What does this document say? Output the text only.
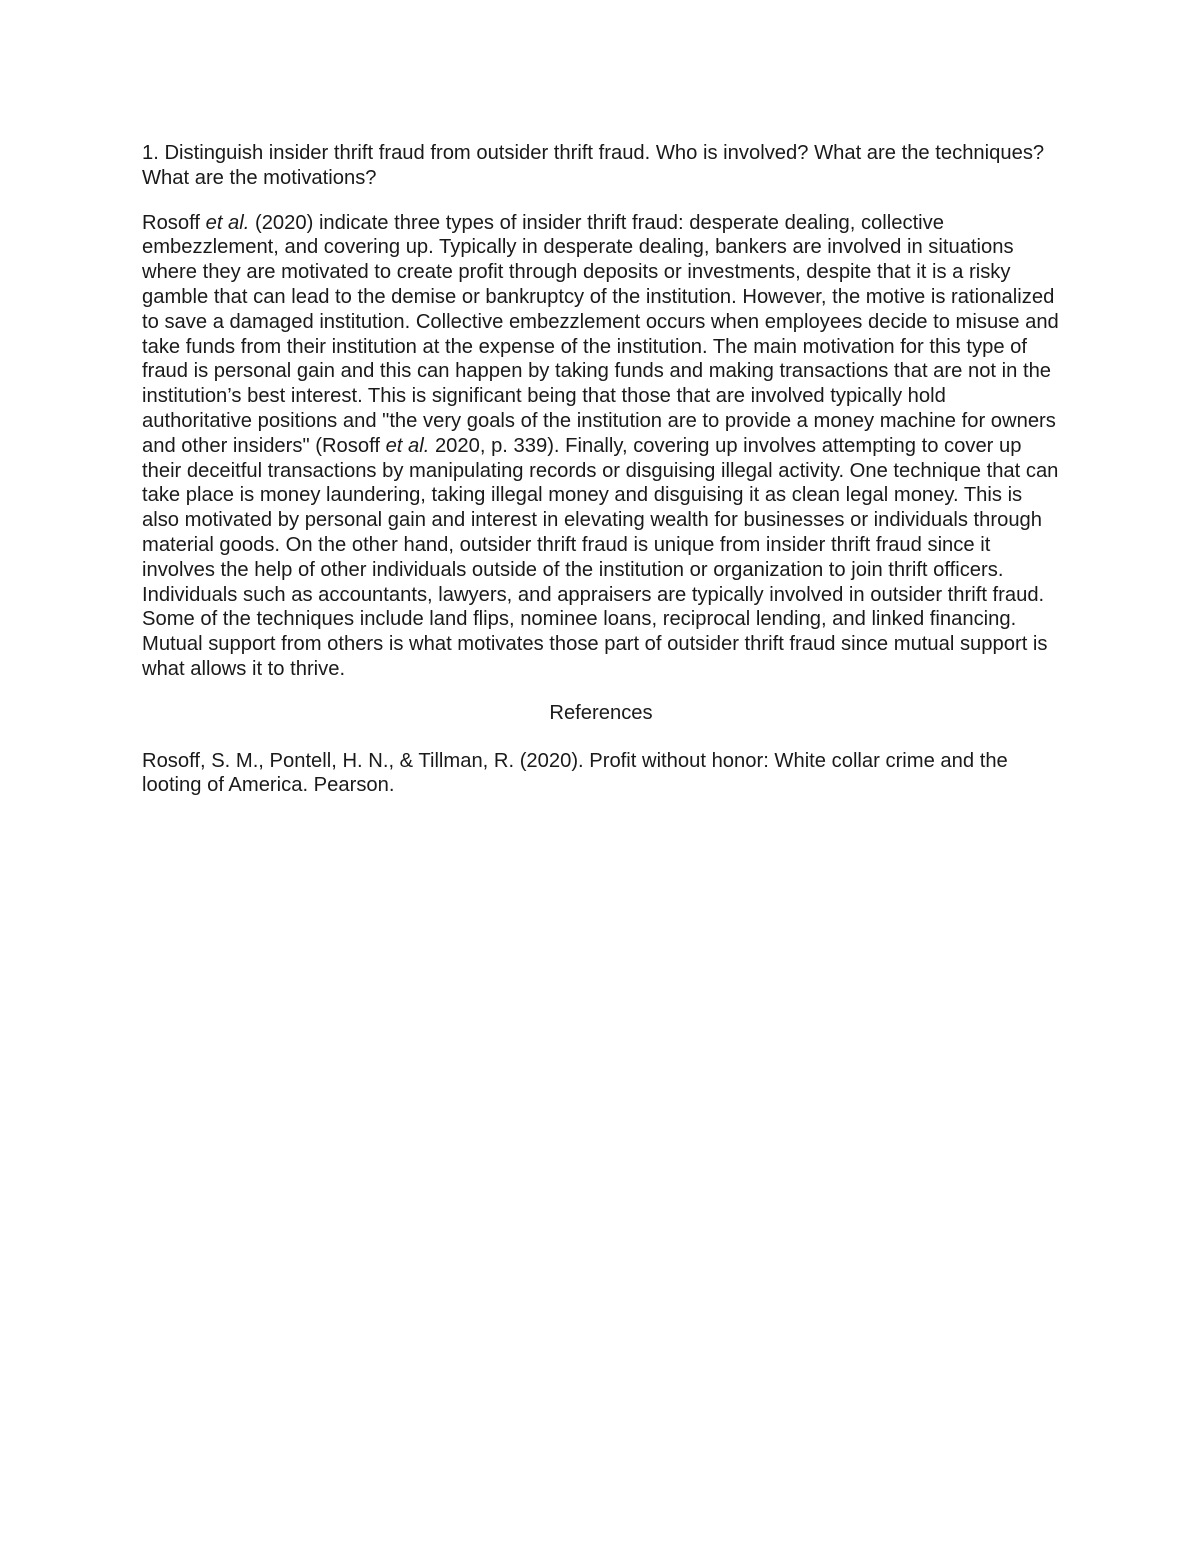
1. Distinguish insider thrift fraud from outsider thrift fraud. Who is involved? What are the techniques? What are the motivations?

Rosoff et al. (2020) indicate three types of insider thrift fraud: desperate dealing, collective embezzlement, and covering up. Typically in desperate dealing, bankers are involved in situations where they are motivated to create profit through deposits or investments, despite that it is a risky gamble that can lead to the demise or bankruptcy of the institution. However, the motive is rationalized to save a damaged institution. Collective embezzlement occurs when employees decide to misuse and take funds from their institution at the expense of the institution. The main motivation for this type of fraud is personal gain and this can happen by taking funds and making transactions that are not in the institution’s best interest. This is significant being that those that are involved typically hold authoritative positions and "the very goals of the institution are to provide a money machine for owners and other insiders" (Rosoff et al. 2020, p. 339). Finally, covering up involves attempting to cover up their deceitful transactions by manipulating records or disguising illegal activity. One technique that can take place is money laundering, taking illegal money and disguising it as clean legal money. This is also motivated by personal gain and interest in elevating wealth for businesses or individuals through material goods. On the other hand, outsider thrift fraud is unique from insider thrift fraud since it involves the help of other individuals outside of the institution or organization to join thrift officers. Individuals such as accountants, lawyers, and appraisers are typically involved in outsider thrift fraud. Some of the techniques include land flips, nominee loans, reciprocal lending, and linked financing. Mutual support from others is what motivates those part of outsider thrift fraud since mutual support is what allows it to thrive.

References

Rosoff, S. M., Pontell, H. N., & Tillman, R. (2020). Profit without honor: White collar crime and the looting of America. Pearson.
